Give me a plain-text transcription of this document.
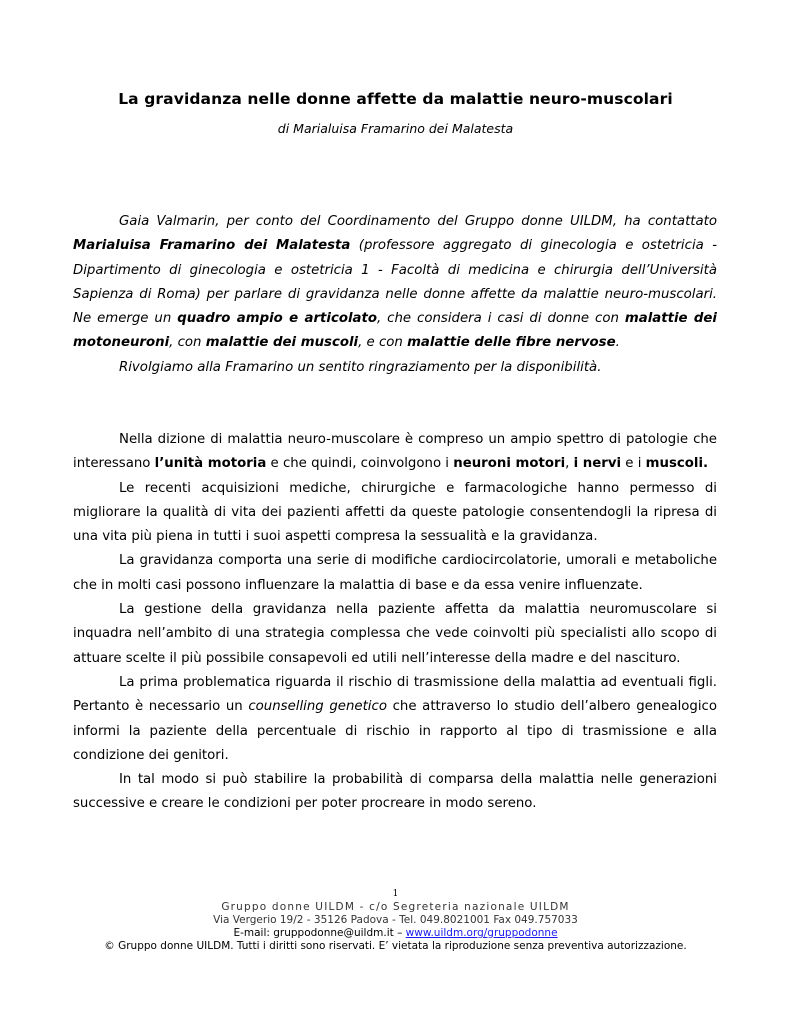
La gravidanza nelle donne affette da malattie neuro-muscolari
di Marialuisa Framarino dei Malatesta

Gaia Valmarin, per conto del Coordinamento del Gruppo donne UILDM, ha contattato Marialuisa Framarino dei Malatesta (professore aggregato di ginecologia e ostetricia - Dipartimento di ginecologia e ostetricia 1 - Facoltà di medicina e chirurgia dell’Università Sapienza di Roma) per parlare di gravidanza nelle donne affette da malattie neuro-muscolari. Ne emerge un quadro ampio e articolato, che considera i casi di donne con malattie dei motoneuroni, con malattie dei muscoli, e con malattie delle fibre nervose.

Rivolgiamo alla Framarino un sentito ringraziamento per la disponibilità.

Nella dizione di malattia neuro-muscolare è compreso un ampio spettro di patologie che interessano l’unità motoria e che quindi, coinvolgono i neuroni motori, i nervi e i muscoli.

Le recenti acquisizioni mediche, chirurgiche e farmacologiche hanno permesso di migliorare la qualità di vita dei pazienti affetti da queste patologie consentendogli la ripresa di una vita più piena in tutti i suoi aspetti compresa la sessualità e la gravidanza.

La gravidanza comporta una serie di modifiche cardiocircolatorie, umorali e metaboliche che in molti casi possono influenzare la malattia di base e da essa venire influenzate.

La gestione della gravidanza nella paziente affetta da malattia neuromuscolare si inquadra nell’ambito di una strategia complessa che vede coinvolti più specialisti allo scopo di attuare scelte il più possibile consapevoli ed utili nell’interesse della madre e del nascituro.

La prima problematica riguarda il rischio di trasmissione della malattia ad eventuali figli. Pertanto è necessario un counselling genetico che attraverso lo studio dell’albero genealogico informi la paziente della percentuale di rischio in rapporto al tipo di trasmissione e alla condizione dei genitori.

In tal modo si può stabilire la probabilità di comparsa della malattia nelle generazioni successive e creare le condizioni per poter procreare in modo sereno.

1
Gruppo donne UILDM - c/o Segreteria nazionale UILDM
Via Vergerio 19/2 - 35126 Padova - Tel. 049.8021001 Fax 049.757033
E-mail: gruppodonne@uildm.it – www.uildm.org/gruppodonne
© Gruppo donne UILDM. Tutti i diritti sono riservati. E’ vietata la riproduzione senza preventiva autorizzazione.
